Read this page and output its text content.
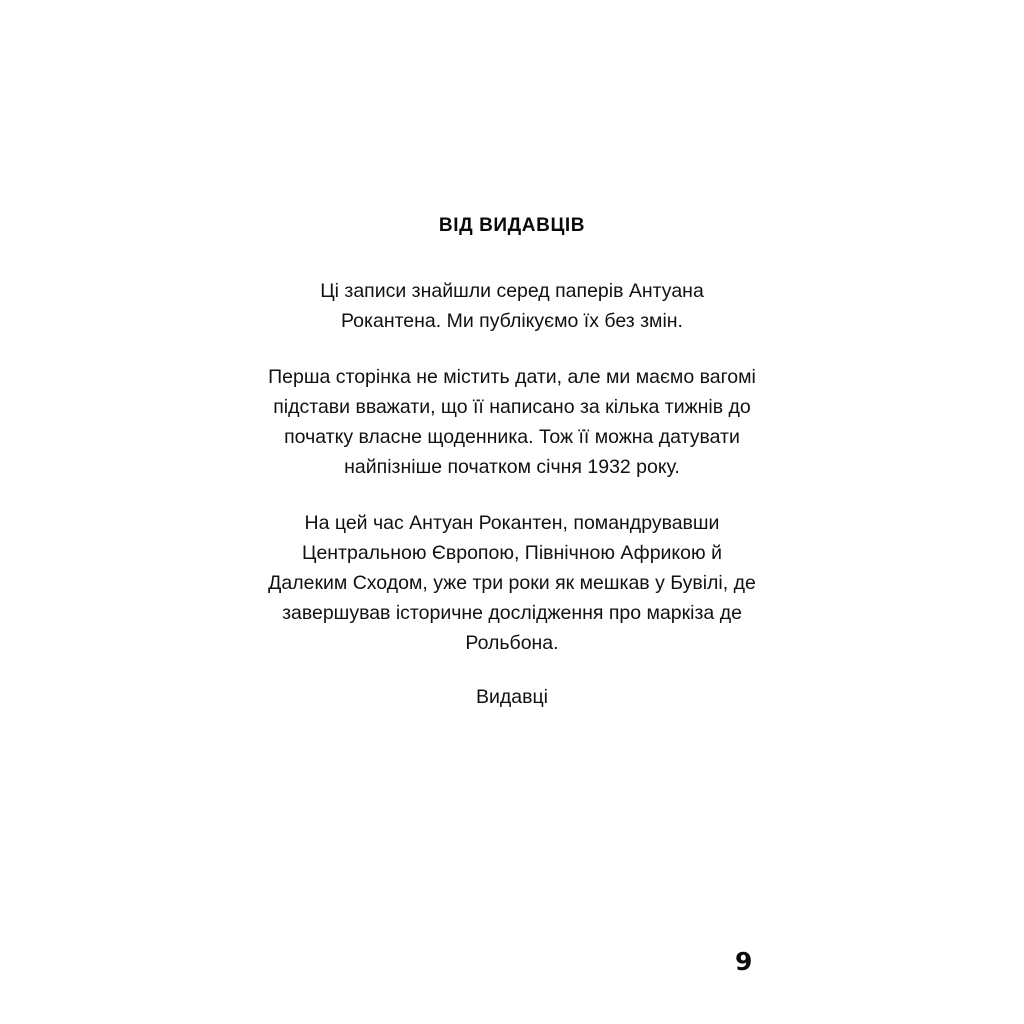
ВІД ВИДАВЦІВ

Ці записи знайшли серед паперів Антуана Рокантена. Ми публікуємо їх без змін.

Перша сторінка не містить дати, але ми маємо вагомі підстави вважати, що її написано за кілька тижнів до початку власне щоденника. Тож її можна датувати найпізніше початком січня 1932 року.

На цей час Антуан Рокантен, помандрувавши Центральною Європою, Північною Африкою й Далеким Сходом, уже три роки як мешкав у Бувілі, де завершував історичне дослідження про маркіза де Рольбона.

Видавці
9
